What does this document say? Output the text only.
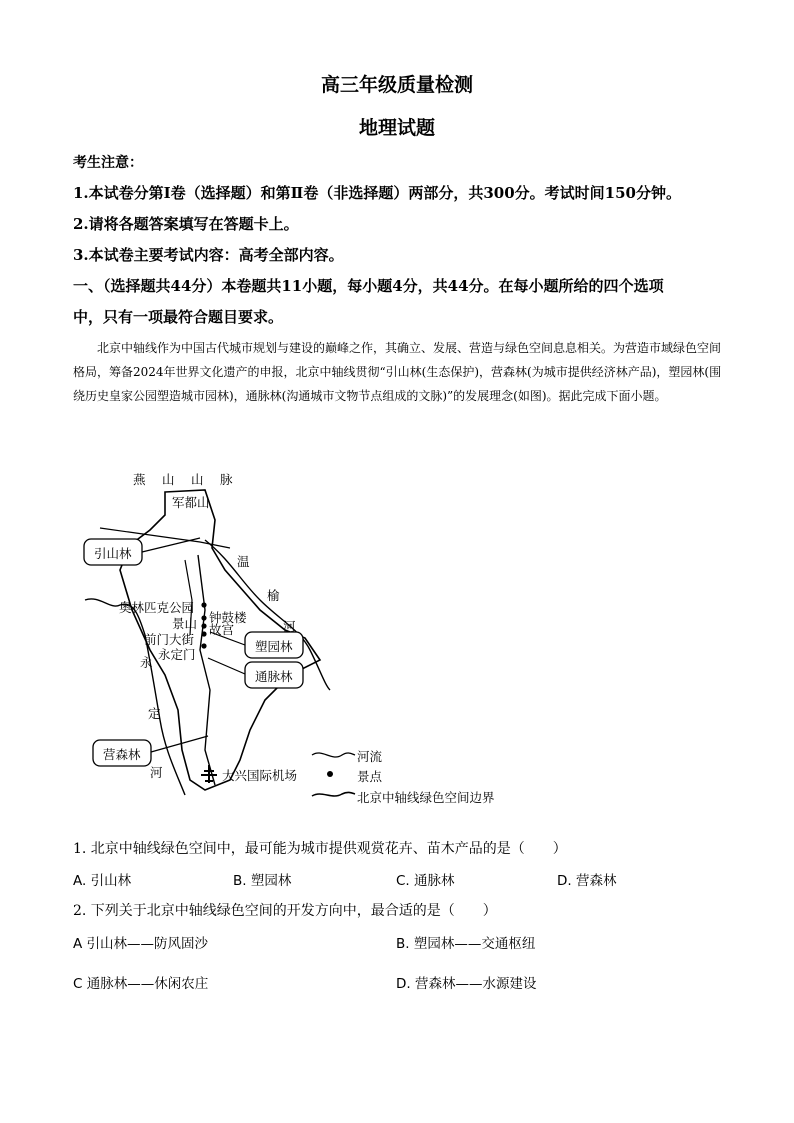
高三年级质量检测
地理试题
考生注意：
1.本试卷分第Ⅰ卷（选择题）和第Ⅱ卷（非选择题）两部分，共300分。考试时间150分钟。
2.请将各题答案填写在答题卡上。
3.本试卷主要考试内容：高考全部内容。
一、（选择题共44分）本卷题共11小题，每小题4分，共44分。在每小题所给的四个选项
中，只有一项最符合题目要求。
北京中轴线作为中国古代城市规划与建设的巅峰之作，其确立、发展、营造与绿色空间息息相关。为营造市域绿色空间格局，筹备2024年世界文化遗产的申报，北京中轴线贯彻“引山林(生态保护)，营森林(为城市提供经济林产品)，塑园林(围绕历史皇家公园塑造城市园林)，通脉林(沟通城市文物节点组成的文脉)”的发展理念(如图)。据此完成下面小题。
燕　山　山　脉
军都山
温
榆
河
永
定
河
奥林匹克公园
钟鼓楼
景山 故宫
前门大街
永定门
大兴国际机场
引山林
塑园林
通脉林
营森林	河流
景点
北京中轴线绿色空间边界
1. 北京中轴线绿色空间中，最可能为城市提供观赏花卉、苗木产品的是（　　）
A. 引山林	B. 塑园林	C. 通脉林	D. 营森林
2. 下列关于北京中轴线绿色空间的开发方向中，最合适的是（　　）
A 引山林——防风固沙	B. 塑园林——交通枢纽
C 通脉林——休闲农庄	D. 营森林——水源建设
